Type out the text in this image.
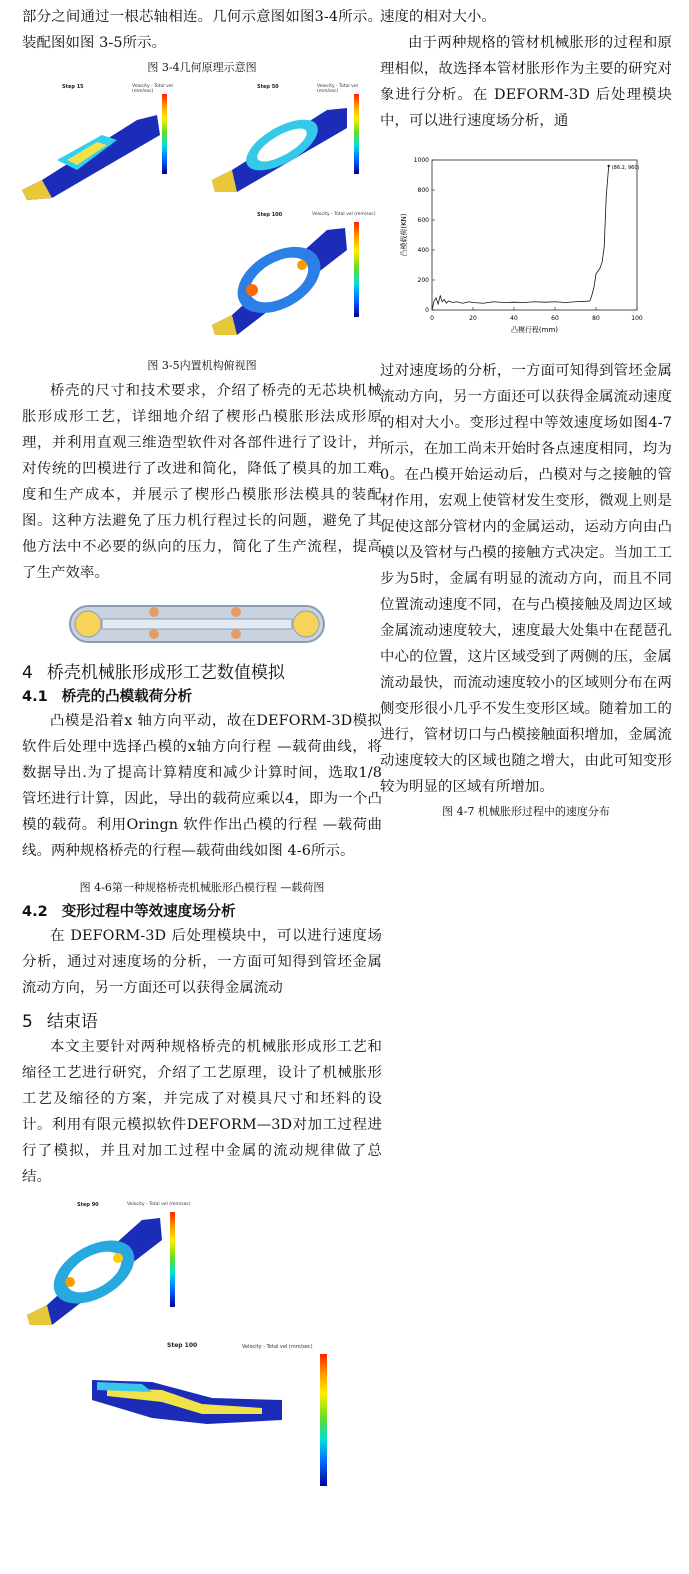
部分之间通过一根芯轴相连。几何示意图如图3-4所示。装配图如图 3-5所示。

图 3-4几何原理示意图
Step 15	Velocity - Total vel (mm/sec)
Step 50	Velocity - Total vel (mm/sec)
Step 100	Velocity - Total vel (mm/sec)
图 3-5内置机构俯视图

桥壳的尺寸和技术要求，介绍了桥壳的无芯块机械胀形成形工艺，详细地介绍了楔形凸模胀形法成形原理，并利用直观三维造型软件对各部件进行了设计，并对传统的凹模进行了改进和简化，降低了模具的加工难度和生产成本，并展示了楔形凸模胀形法模具的装配图。这种方法避免了压力机行程过长的问题，避免了其他方法中不必要的纵向的压力，简化了生产流程，提高了生产效率。

4 桥壳机械胀形成形工艺数值模拟
4.1 桥壳的凸模载荷分析

凸模是沿着x 轴方向平动，故在DEFORM-3D模拟软件后处理中选择凸模的x轴方向行程 —载荷曲线，将数据导出.为了提高计算精度和减少计算时间，选取1/8管坯进行计算，因此，导出的载荷应乘以4，即为一个凸模的载荷。利用Oringn 软件作出凸模的行程 —载荷曲线。两种规格桥壳的行程—载荷曲线如图 4-6所示。

图 4-6第一种规格桥壳机械胀形凸模行程 —载荷图
4.2 变形过程中等效速度场分析

在 DEFORM-3D 后处理模块中，可以进行速度场分析，通过对速度场的分析，一方面可知得到管坯金属流动方向，另一方面还可以获得金属流动

5 结束语

本文主要针对两种规格桥壳的机械胀形成形工艺和缩径工艺进行研究，介绍了工艺原理，设计了机械胀形工艺及缩径的方案，并完成了对模具尺寸和坯料的设计。利用有限元模拟软件DEFORM—3D对加工过程进行了模拟，并且对加工过程中金属的流动规律做了总结。

Step 90	Velocity - Total vel (mm/sec)
Step 100	Velocity - Total vel (mm/sec)

速度的相对大小。

由于两种规格的管材机械胀形的过程和原理相似，故选择本管材胀形作为主要的研究对象进行分析。在 DEFORM-3D 后处理模块中，可以进行速度场分析，通

0	20	40	60	80	100
0
200
400
600
800
1000
凸模行程(mm)
凸模载荷(KN)
(86.2, 960)

过对速度场的分析，一方面可知得到管坯金属流动方向，另一方面还可以获得金属流动速度的相对大小。变形过程中等效速度场如图4-7 所示，在加工尚未开始时各点速度相同，均为 0。在凸模开始运动后，凸模对与之接触的管材作用，宏观上使管材发生变形，微观上则是促使这部分管材内的金属运动，运动方向由凸模以及管材与凸模的接触方式决定。当加工工步为5时，金属有明显的流动方向，而且不同位置流动速度不同，在与凸模接触及周边区域金属流动速度较大，速度最大处集中在琵琶孔中心的位置，这片区域受到了两侧的压，金属流动最快，而流动速度较小的区域则分布在两侧变形很小几乎不发生变形区域。随着加工的进行，管材切口与凸模接触面积增加，金属流动速度较大的区域也随之增大，由此可知变形较为明显的区域有所增加。

图 4-7 机械胀形过程中的速度分布
